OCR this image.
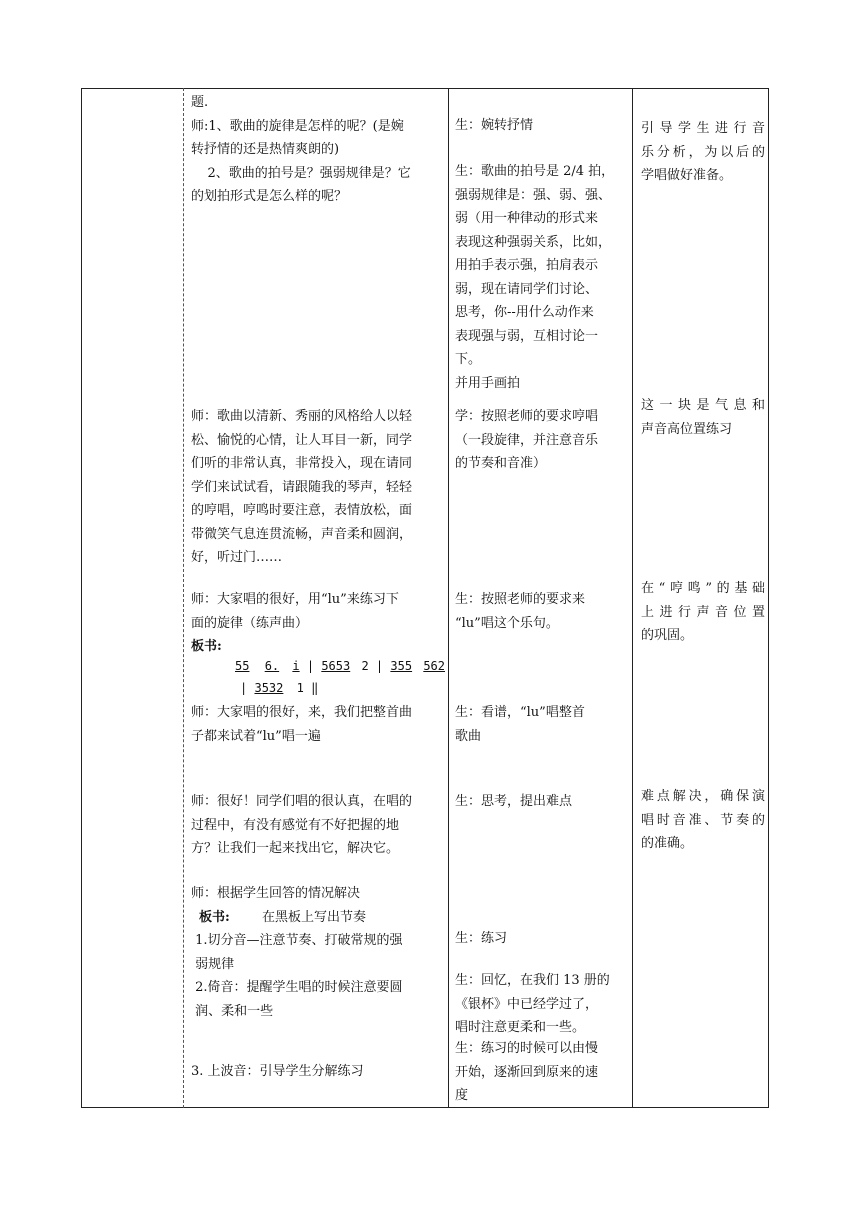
题.
师:1、歌曲的旋律是怎样的呢？(是婉
转抒情的还是热情爽朗的)
2、歌曲的拍号是？强弱规律是？它
的划拍形式是怎么样的呢？
师：歌曲以清新、秀丽的风格给人以轻
松、愉悦的心情，让人耳目一新，同学
们听的非常认真，非常投入，现在请同
学们来试试看，请跟随我的琴声，轻轻
的哼唱，哼鸣时要注意，表情放松，面
带微笑气息连贯流畅，声音柔和圆润，
好，听过门……
师：大家唱的很好，用“lu”来练习下
面的旋律（练声曲）
板书:
55 6. i | 5653 2 | 355 562
| 3532 1 ‖
师：大家唱的很好，来，我们把整首曲
子都来试着“lu”唱一遍
师：很好！同学们唱的很认真，在唱的
过程中，有没有感觉有不好把握的地
方？让我们一起来找出它，解决它。
师：根据学生回答的情况解决
板书: 在黑板上写出节奏
1.切分音—注意节奏、打破常规的强
弱规律
2.倚音：提醒学生唱的时候注意要圆
润、柔和一些
3. 上波音：引导学生分解练习
生：婉转抒情
生：歌曲的拍号是 2/4 拍，
强弱规律是：强、弱、强、
弱（用一种律动的形式来
表现这种强弱关系，比如，
用拍手表示强，拍肩表示
弱，现在请同学们讨论、
思考，你--用什么动作来
表现强与弱，互相讨论一
下。
并用手画拍
学：按照老师的要求哼唱
（一段旋律，并注意音乐
的节奏和音准）
生：按照老师的要求来
“lu”唱这个乐句。
生：看谱，“lu”唱整首
歌曲
生：思考，提出难点
生：练习
生：回忆，在我们 13 册的
《银杯》中已经学过了，
唱时注意更柔和一些。
生：练习的时候可以由慢
开始，逐渐回到原来的速
度
引导学生进行音
乐分析，为以后的
学唱做好准备。
这一块是气息和
声音高位置练习
在“哼鸣”的基础
上进行声音位置
的巩固。
难点解决，确保演
唱时音准、节奏的
的准确。
